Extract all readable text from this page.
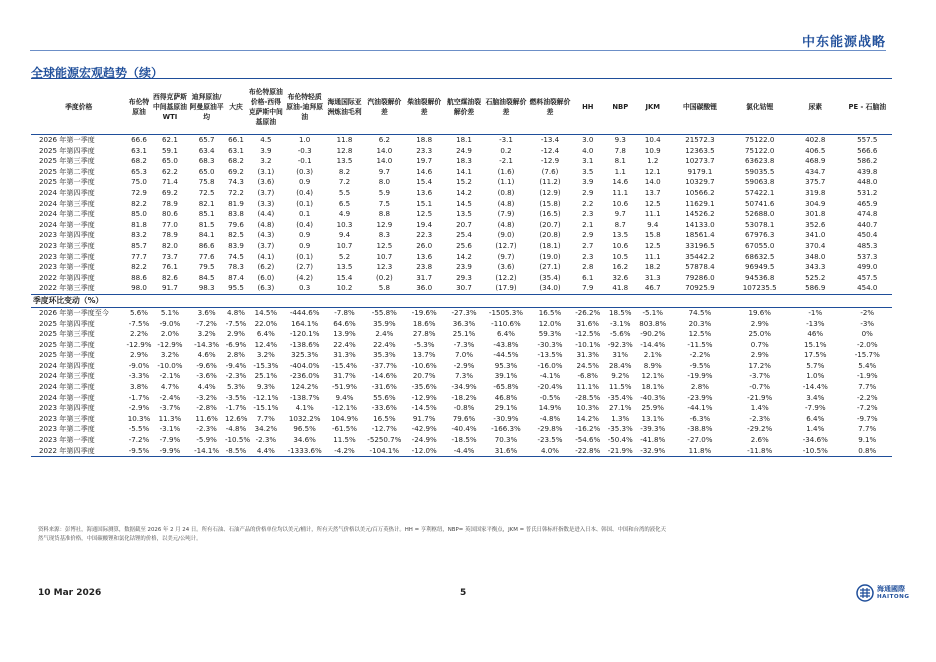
中东能源战略
全球能源宏观趋势（续）
季度价格	布伦特原油	西得克萨斯中间基原油 WTI	迪拜原油/阿曼原油平均	大庆	布伦特原油价格-西得克萨斯中间基原油	布伦特轻质原油-迪拜原油	海通国际亚洲炼油毛利	汽油裂解价差	柴油裂解价差	航空煤油裂解价差	石脑油裂解价差	燃料油裂解价差	HH	NBP	JKM	中国碳酸锂	氯化钴锂	尿素	PE - 石脑油
2026 年第一季度	66.6	62.1	65.7	66.1	4.5	1.0	11.8	6.2	18.8	18.1	-3.1	-13.4	3.0	9.3	10.4	21572.3	75122.0	402.8	557.5
2025 年第四季度	63.1	59.1	63.4	63.1	3.9	-0.3	12.8	14.0	23.3	24.9	0.2	-12.4	4.0	7.8	10.9	12363.5	75122.0	406.5	566.6
2025 年第三季度	68.2	65.0	68.3	68.2	3.2	-0.1	13.5	14.0	19.7	18.3	-2.1	-12.9	3.1	8.1	1.2	10273.7	63623.8	468.9	586.2
2025 年第二季度	65.3	62.2	65.0	69.2	(3.1)	(0.3)	8.2	9.7	14.6	14.1	(1.6)	(7.6)	3.5	1.1	12.1	9179.1	59035.5	434.7	439.8
2025 年第一季度	75.0	71.4	75.8	74.3	(3.6)	0.9	7.2	8.0	15.4	15.2	(1.1)	(11.2)	3.9	14.6	14.0	10329.7	59063.8	375.7	448.0
2024 年第四季度	72.9	69.2	72.5	72.2	(3.7)	(0.4)	5.5	5.9	13.6	14.2	(0.8)	(12.9)	2.9	11.1	13.7	10566.2	57422.1	319.8	531.2
2024 年第三季度	82.2	78.9	82.1	81.9	(3.3)	(0.1)	6.5	7.5	15.1	14.5	(4.8)	(15.8)	2.2	10.6	12.5	11629.1	50741.6	304.9	465.9
2024 年第二季度	85.0	80.6	85.1	83.8	(4.4)	0.1	4.9	8.8	12.5	13.5	(7.9)	(16.5)	2.3	9.7	11.1	14526.2	52688.0	301.8	474.8
2024 年第一季度	81.8	77.0	81.5	79.6	(4.8)	(0.4)	10.3	12.9	19.4	20.7	(4.8)	(20.7)	2.1	8.7	9.4	14133.0	53078.1	352.6	440.7
2023 年第四季度	83.2	78.9	84.1	82.5	(4.3)	0.9	9.4	8.3	22.3	25.4	(9.0)	(20.8)	2.9	13.5	15.8	18561.4	67976.3	341.0	450.4
2023 年第三季度	85.7	82.0	86.6	83.9	(3.7)	0.9	10.7	12.5	26.0	25.6	(12.7)	(18.1)	2.7	10.6	12.5	33196.5	67055.0	370.4	485.3
2023 年第二季度	77.7	73.7	77.6	74.5	(4.1)	(0.1)	5.2	10.7	13.6	14.2	(9.7)	(19.0)	2.3	10.5	11.1	35442.2	68632.5	348.0	537.3
2023 年第一季度	82.2	76.1	79.5	78.3	(6.2)	(2.7)	13.5	12.3	23.8	23.9	(3.6)	(27.1)	2.8	16.2	18.2	57878.4	96949.5	343.3	499.0
2022 年第四季度	88.6	82.6	84.5	87.4	(6.0)	(4.2)	15.4	(0.2)	31.7	29.3	(12.2)	(35.4)	6.1	32.6	31.3	79286.0	94536.8	525.2	457.5
2022 年第三季度	98.0	91.7	98.3	95.5	(6.3)	0.3	10.2	5.8	36.0	30.7	(17.9)	(34.0)	7.9	41.8	46.7	70925.9	107235.5	586.9	454.0
季度环比变动（%）																			
2026 年第一季度至今	5.6%	5.1%	3.6%	4.8%	14.5%	-444.6%	-7.8%	-55.8%	-19.6%	-27.3%	-1505.3%	16.5%	-26.2%	18.5%	-5.1%	74.5%	19.6%	-1%	-2%
2025 年第四季度	-7.5%	-9.0%	-7.2%	-7.5%	22.0%	164.1%	64.6%	35.9%	18.6%	36.3%	-110.6%	12.0%	31.6%	-3.1%	803.8%	20.3%	2.9%	-13%	-3%
2025 年第三季度	2.2%	2.0%	3.2%	2.9%	6.4%	-120.1%	13.9%	2.4%	27.8%	25.1%	6.4%	59.3%	-12.5%	-5.6%	-90.2%	12.5%	25.0%	46%	0%
2025 年第二季度	-12.9%	-12.9%	-14.3%	-6.9%	12.4%	-138.6%	22.4%	22.4%	-5.3%	-7.3%	-43.8%	-30.3%	-10.1%	-92.3%	-14.4%	-11.5%	0.7%	15.1%	-2.0%
2025 年第一季度	2.9%	3.2%	4.6%	2.8%	3.2%	325.3%	31.3%	35.3%	13.7%	7.0%	-44.5%	-13.5%	31.3%	31%	2.1%	-2.2%	2.9%	17.5%	-15.7%
2024 年第四季度	-9.0%	-10.0%	-9.6%	-9.4%	-15.3%	-404.0%	-15.4%	-37.7%	-10.6%	-2.9%	95.3%	-16.0%	24.5%	28.4%	8.9%	-9.5%	17.2%	5.7%	5.4%
2024 年第三季度	-3.3%	-2.1%	-3.6%	-2.3%	25.1%	-236.0%	31.7%	-14.6%	20.7%	7.3%	39.1%	-4.1%	-6.8%	9.2%	12.1%	-19.9%	-3.7%	1.0%	-1.9%
2024 年第二季度	3.8%	4.7%	4.4%	5.3%	9.3%	124.2%	-51.9%	-31.6%	-35.6%	-34.9%	-65.8%	-20.4%	11.1%	11.5%	18.1%	2.8%	-0.7%	-14.4%	7.7%
2024 年第一季度	-1.7%	-2.4%	-3.2%	-3.5%	-12.1%	-138.7%	9.4%	55.6%	-12.9%	-18.2%	46.8%	-0.5%	-28.5%	-35.4%	-40.3%	-23.9%	-21.9%	3.4%	-2.2%
2023 年第四季度	-2.9%	-3.7%	-2.8%	-1.7%	-15.1%	4.1%	-12.1%	-33.6%	-14.5%	-0.8%	29.1%	14.9%	10.3%	27.1%	25.9%	-44.1%	1.4%	-7.9%	-7.2%
2023 年第三季度	10.3%	11.3%	11.6%	12.6%	7.7%	1032.2%	104.9%	16.5%	91.7%	79.6%	-30.9%	-4.8%	14.2%	1.3%	13.1%	-6.3%	-2.3%	6.4%	-9.7%
2023 年第二季度	-5.5%	-3.1%	-2.3%	-4.8%	34.2%	96.5%	-61.5%	-12.7%	-42.9%	-40.4%	-166.3%	-29.8%	-16.2%	-35.3%	-39.3%	-38.8%	-29.2%	1.4%	7.7%
2023 年第一季度	-7.2%	-7.9%	-5.9%	-10.5%	-2.3%	34.6%	11.5%	-5250.7%	-24.9%	-18.5%	70.3%	-23.5%	-54.6%	-50.4%	-41.8%	-27.0%	2.6%	-34.6%	9.1%
2022 年第四季度	-9.5%	-9.9%	-14.1%	-8.5%	4.4%	-1333.6%	-4.2%	-104.1%	-12.0%	-4.4%	31.6%	4.0%	-22.8%	-21.9%	-32.9%	11.8%	-11.8%	-10.5%	0.8%
资料来源：彭博社，海通国际测算，数据截至 2026 年 2 月 24 日。所有石油、石油产品的价格单位均以美元/桶计，所有天然气价格以美元/百万英热计。HH = 亨利枢纽，NBP= 英国国家平衡点，JKM = 普氏日韩标杆指数是进入日本、韩国、中国和台湾的液化天
然气现货基准价格，中国碳酸锂和氯化钴锂的价格，以美元/公吨计。
10 Mar 2026	5	海通國際
HAITONG
